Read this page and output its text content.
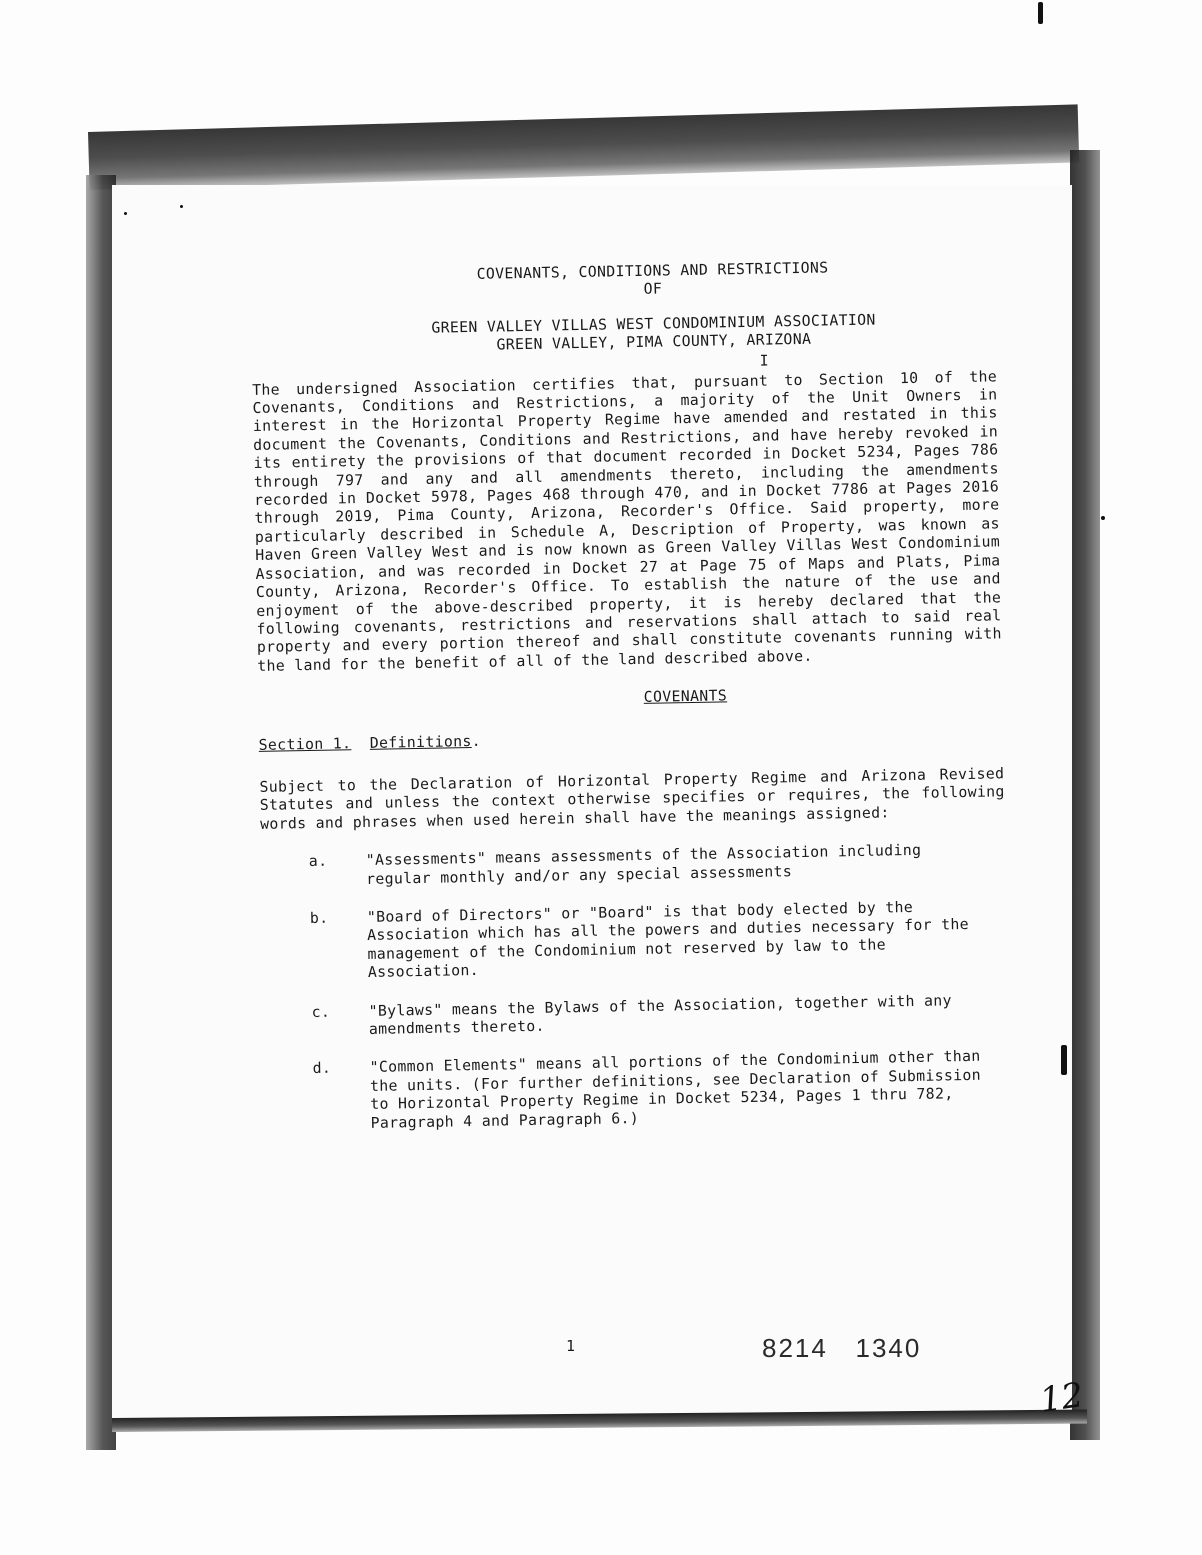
COVENANTS, CONDITIONS AND RESTRICTIONS
OF
GREEN VALLEY VILLAS WEST CONDOMINIUM ASSOCIATION
GREEN VALLEY, PIMA COUNTY, ARIZONA
I

The undersigned Association certifies that, pursuant to Section 10 of the Covenants, Conditions and Restrictions, a majority of the Unit Owners in interest in the Horizontal Property Regime have amended and restated in this document the Covenants, Conditions and Restrictions, and have hereby revoked in its entirety the provisions of that document recorded in Docket 5234, Pages 786 through 797 and any and all amendments thereto, including the amendments recorded in Docket 5978, Pages 468 through 470, and in Docket 7786 at Pages 2016 through 2019, Pima County, Arizona, Recorder's Office. Said property, more particularly described in Schedule A, Description of Property, was known as Haven Green Valley West and is now known as Green Valley Villas West Condominium Association, and was recorded in Docket 27 at Page 75 of Maps and Plats, Pima County, Arizona, Recorder's Office. To establish the nature of the use and enjoyment of the above-described property, it is hereby declared that the following covenants, restrictions and reservations shall attach to said real property and every portion thereof and shall constitute covenants running with the land for the benefit of all of the land described above.

COVENANTS
Section 1. Definitions.

Subject to the Declaration of Horizontal Property Regime and Arizona Revised Statutes and unless the context otherwise specifies or requires, the following words and phrases when used herein shall have the meanings assigned:

a.	"Assessments" means assessments of the Association including regular monthly and/or any special assessments
b.	"Board of Directors" or "Board" is that body elected by the Association which has all the powers and duties necessary for the management of the Condominium not reserved by law to the Association.
c.	"Bylaws" means the Bylaws of the Association, together with any amendments thereto.
d.	"Common Elements" means all portions of the Condominium other than the units. (For further definitions, see Declaration of Submission to Horizontal Property Regime in Docket 5234, Pages 1 thru 782, Paragraph 4 and Paragraph 6.)
1	8214   1340
12
